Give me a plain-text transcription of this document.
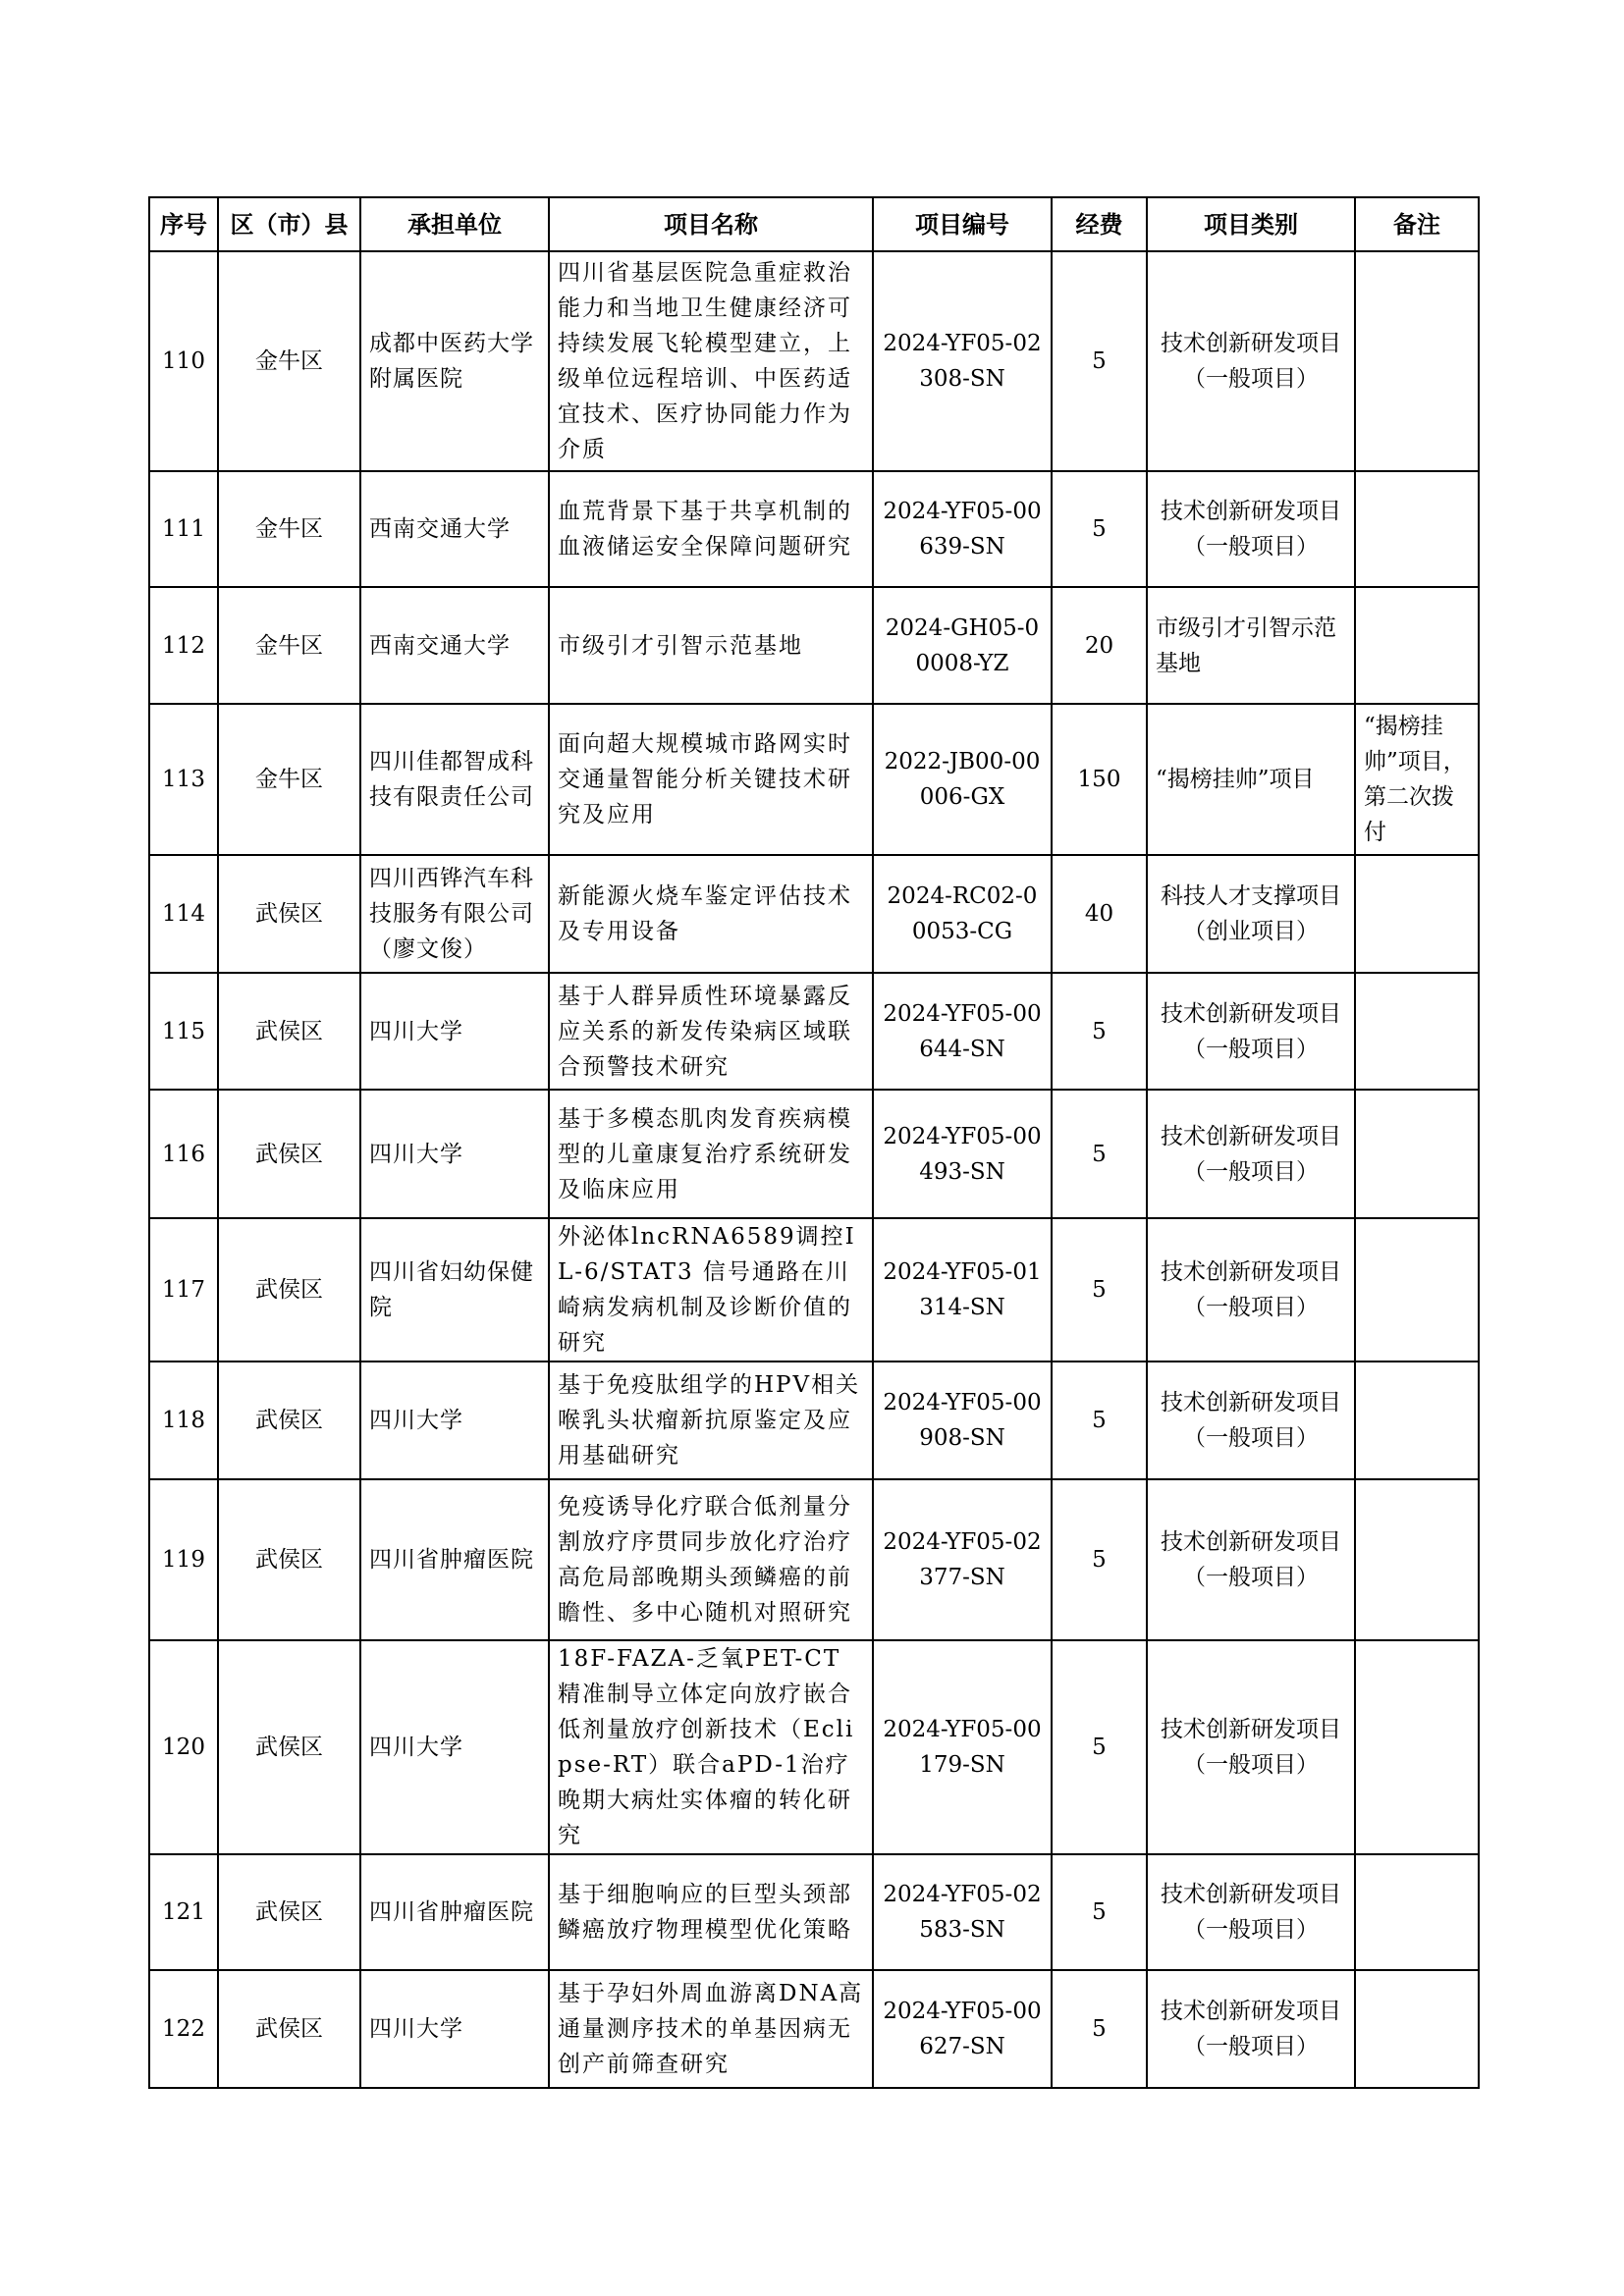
序号	区（市）县	承担单位	项目名称	项目编号	经费	项目类别	备注
110	金牛区	成都中医药大学附属医院	四川省基层医院急重症救治能力和当地卫生健康经济可持续发展飞轮模型建立，上级单位远程培训、中医药适宜技术、医疗协同能力作为介质	2024-YF05-02308-SN	5	技术创新研发项目（一般项目）	
111	金牛区	西南交通大学	血荒背景下基于共享机制的血液储运安全保障问题研究	2024-YF05-00639-SN	5	技术创新研发项目（一般项目）	
112	金牛区	西南交通大学	市级引才引智示范基地	2024-GH05-00008-YZ	20	市级引才引智示范基地	
113	金牛区	四川佳都智成科技有限责任公司	面向超大规模城市路网实时交通量智能分析关键技术研究及应用	2022-JB00-00006-GX	150	“揭榜挂帅”项目	“揭榜挂帅”项目，第二次拨付
114	武侯区	四川西铧汽车科技服务有限公司（廖文俊）	新能源火烧车鉴定评估技术及专用设备	2024-RC02-00053-CG	40	科技人才支撑项目（创业项目）	
115	武侯区	四川大学	基于人群异质性环境暴露反应关系的新发传染病区域联合预警技术研究	2024-YF05-00644-SN	5	技术创新研发项目（一般项目）	
116	武侯区	四川大学	基于多模态肌肉发育疾病模型的儿童康复治疗系统研发及临床应用	2024-YF05-00493-SN	5	技术创新研发项目（一般项目）	
117	武侯区	四川省妇幼保健院	外泌体lncRNA6589调控IL-6/STAT3 信号通路在川崎病发病机制及诊断价值的研究	2024-YF05-01314-SN	5	技术创新研发项目（一般项目）	
118	武侯区	四川大学	基于免疫肽组学的HPV相关喉乳头状瘤新抗原鉴定及应用基础研究	2024-YF05-00908-SN	5	技术创新研发项目（一般项目）	
119	武侯区	四川省肿瘤医院	免疫诱导化疗联合低剂量分割放疗序贯同步放化疗治疗高危局部晚期头颈鳞癌的前瞻性、多中心随机对照研究	2024-YF05-02377-SN	5	技术创新研发项目（一般项目）	
120	武侯区	四川大学	18F-FAZA-乏氧PET-CT精准制导立体定向放疗嵌合低剂量放疗创新技术（Eclipse-RT）联合aPD-1治疗晚期大病灶实体瘤的转化研究	2024-YF05-00179-SN	5	技术创新研发项目（一般项目）	
121	武侯区	四川省肿瘤医院	基于细胞响应的巨型头颈部鳞癌放疗物理模型优化策略	2024-YF05-02583-SN	5	技术创新研发项目（一般项目）	
122	武侯区	四川大学	基于孕妇外周血游离DNA高通量测序技术的单基因病无创产前筛查研究	2024-YF05-00627-SN	5	技术创新研发项目（一般项目）	
